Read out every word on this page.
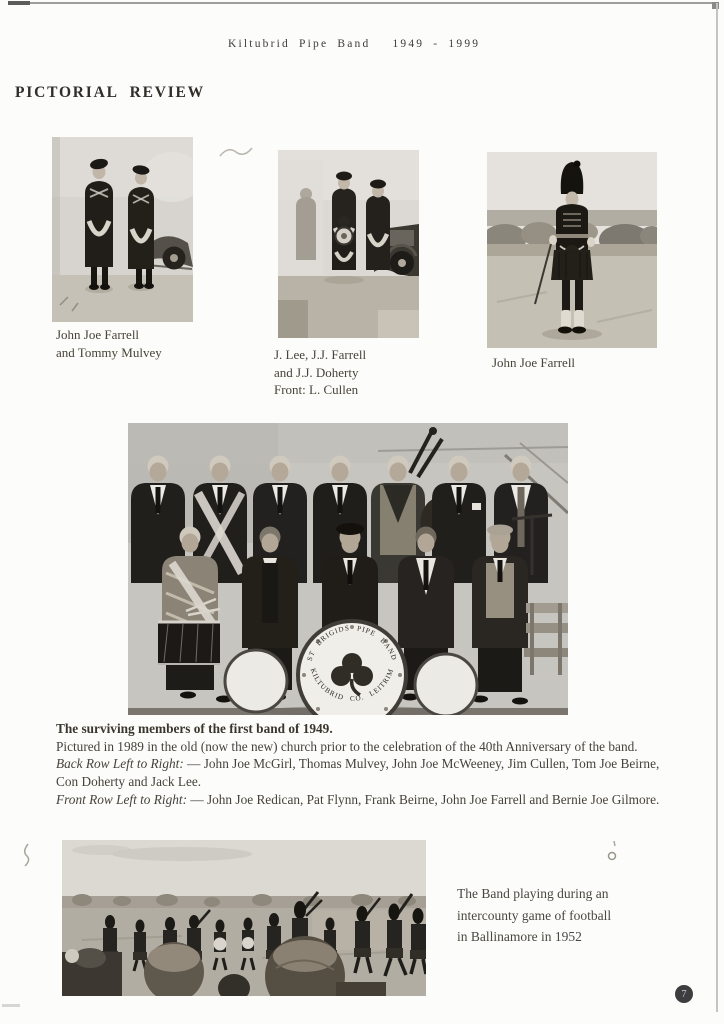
Kiltubrid Pipe Band 1949 - 1999
PICTORIAL REVIEW
John Joe Farrell
and Tommy Mulvey	J. Lee, J.J. Farrell
and J.J. Doherty
Front: L. Cullen
John Joe Farrell
ST BRIGIDS PIPE BAND
KILTUBRID CO. LEITRIM

The surviving members of the first band of 1949.

Pictured in 1989 in the old (now the new) church prior to the celebration of the 40th Anniversary of the band.

Back Row Left to Right: — John Joe McGirl, Thomas Mulvey, John Joe McWeeney, Jim Cullen, Tom Joe Beirne,

Con Doherty and Jack Lee.

Front Row Left to Right: — John Joe Redican, Pat Flynn, Frank Beirne, John Joe Farrell and Bernie Joe Gilmore.

The Band playing during an
intercounty game of football
in Ballinamore in 1952
7
